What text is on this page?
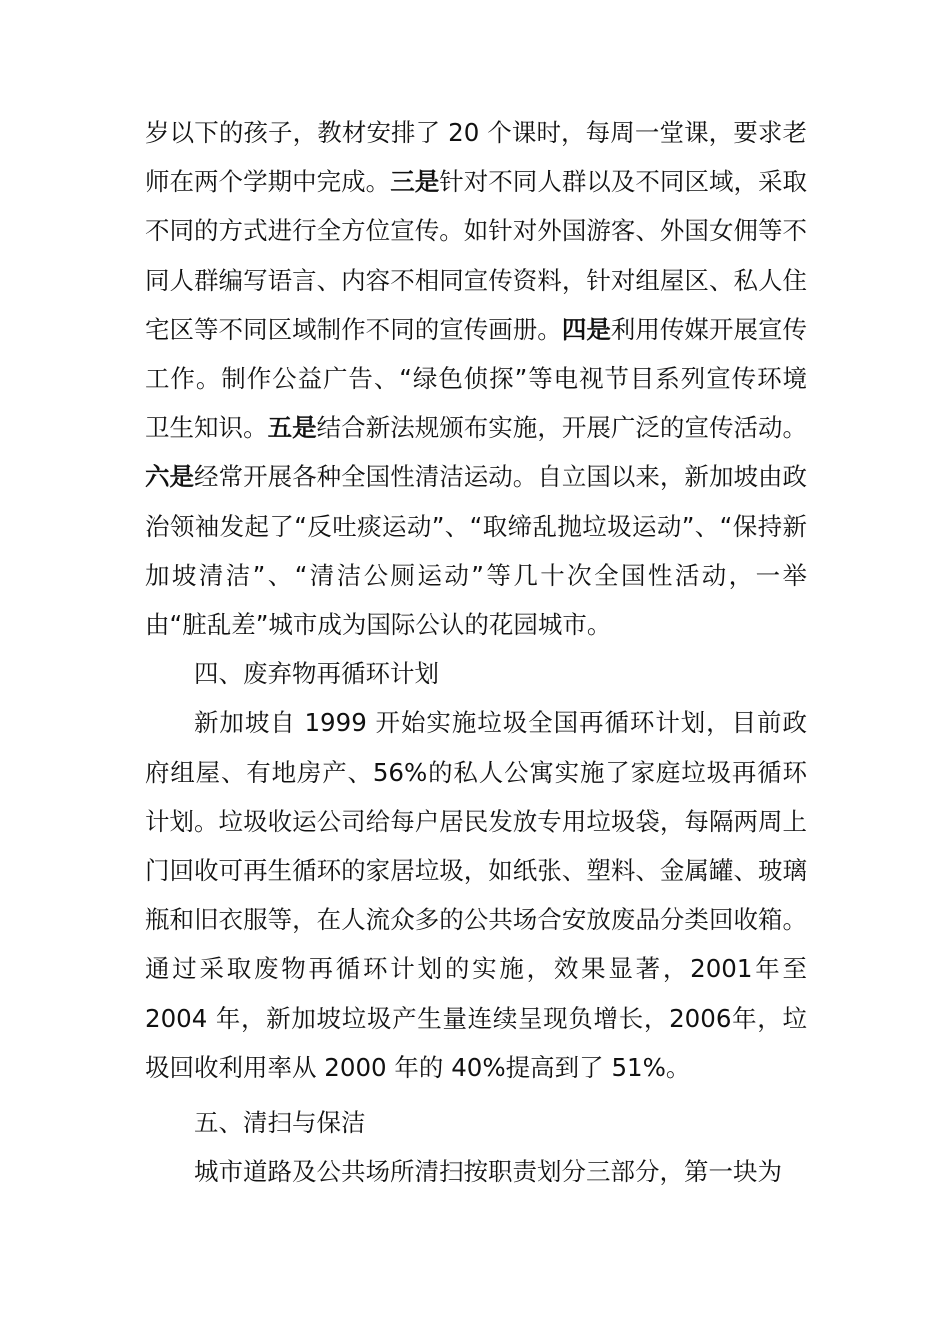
岁以下的孩子，教材安排了 20 个课时，每周一堂课，要求老师在两个学期中完成。三是针对不同人群以及不同区域，采取不同的方式进行全方位宣传。如针对外国游客、外国女佣等不同人群编写语言、内容不相同宣传资料，针对组屋区、私人住宅区等不同区域制作不同的宣传画册。四是利用传媒开展宣传工作。制作公益广告、“绿色侦探”等电视节目系列宣传环境卫生知识。五是结合新法规颁布实施，开展广泛的宣传活动。六是经常开展各种全国性清洁运动。自立国以来，新加坡由政治领袖发起了“反吐痰运动”、“取缔乱抛垃圾运动”、“保持新加坡清洁”、“清洁公厕运动”等几十次全国性活动，一举由“脏乱差”城市成为国际公认的花园城市。

四、废弃物再循环计划

新加坡自 1999 开始实施垃圾全国再循环计划，目前政府组屋、有地房产、56%的私人公寓实施了家庭垃圾再循环计划。垃圾收运公司给每户居民发放专用垃圾袋，每隔两周上门回收可再生循环的家居垃圾，如纸张、塑料、金属罐、玻璃瓶和旧衣服等，在人流众多的公共场合安放废品分类回收箱。通过采取废物再循环计划的实施，效果显著，2001年至 2004 年，新加坡垃圾产生量连续呈现负增长，2006年，垃圾回收利用率从 2000 年的 40%提高到了 51%。

五、清扫与保洁

城市道路及公共场所清扫按职责划分三部分，第一块为
